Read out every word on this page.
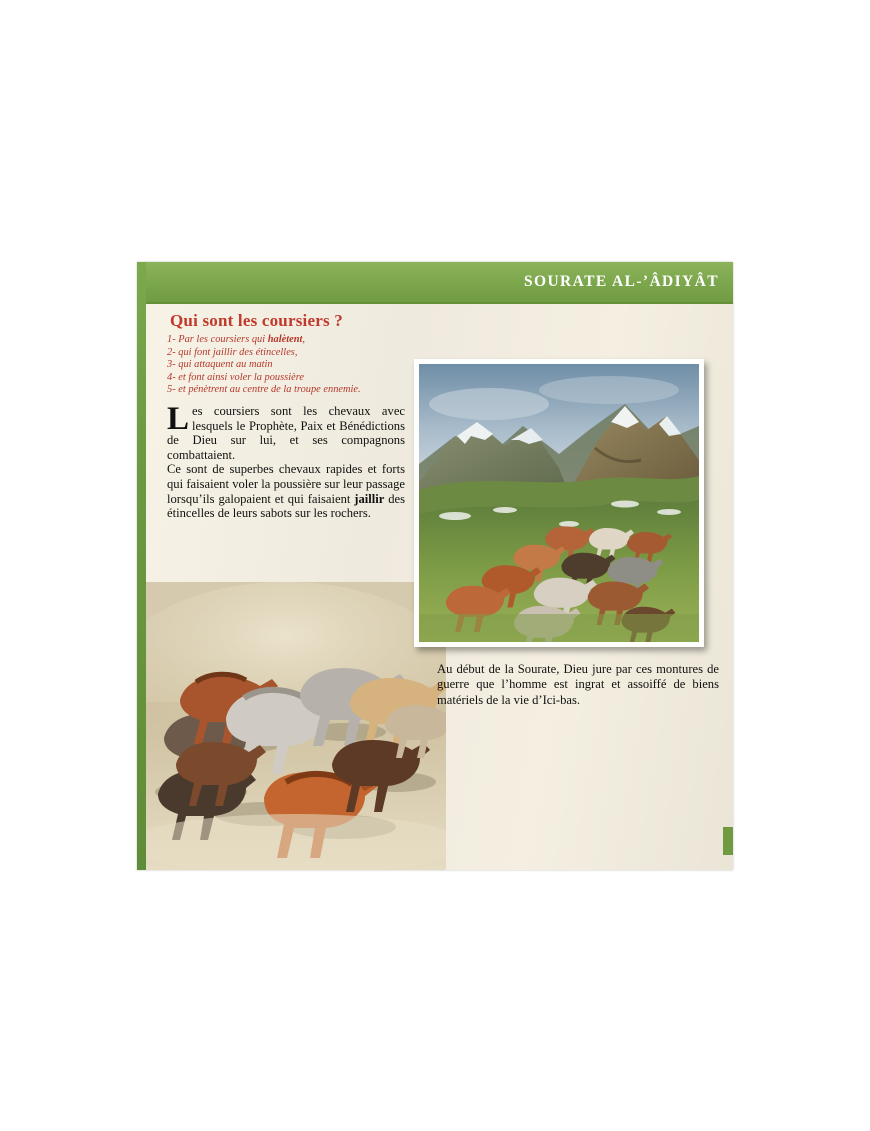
SOURATE AL-’ÂDIYÂT
Qui sont les coursiers ?
1- Par les coursiers qui halètent,
2- qui font jaillir des étincelles,
3- qui attaquent au matin
4- et font ainsi voler la poussière
5- et pénètrent au centre de la troupe ennemie.

Les coursiers sont les chevaux avec lesquels le Prophète, Paix et Bénédictions de Dieu sur lui, et ses compagnons combattaient.

Ce sont de superbes chevaux rapides et forts qui faisaient voler la poussière sur leur passage lorsqu’ils galopaient et qui faisaient jaillir des étincelles de leurs sabots sur les rochers.

Au début de la Sourate, Dieu jure par ces montures de guerre que l’homme est ingrat et assoiffé de biens matériels de la vie d’Ici-bas.
